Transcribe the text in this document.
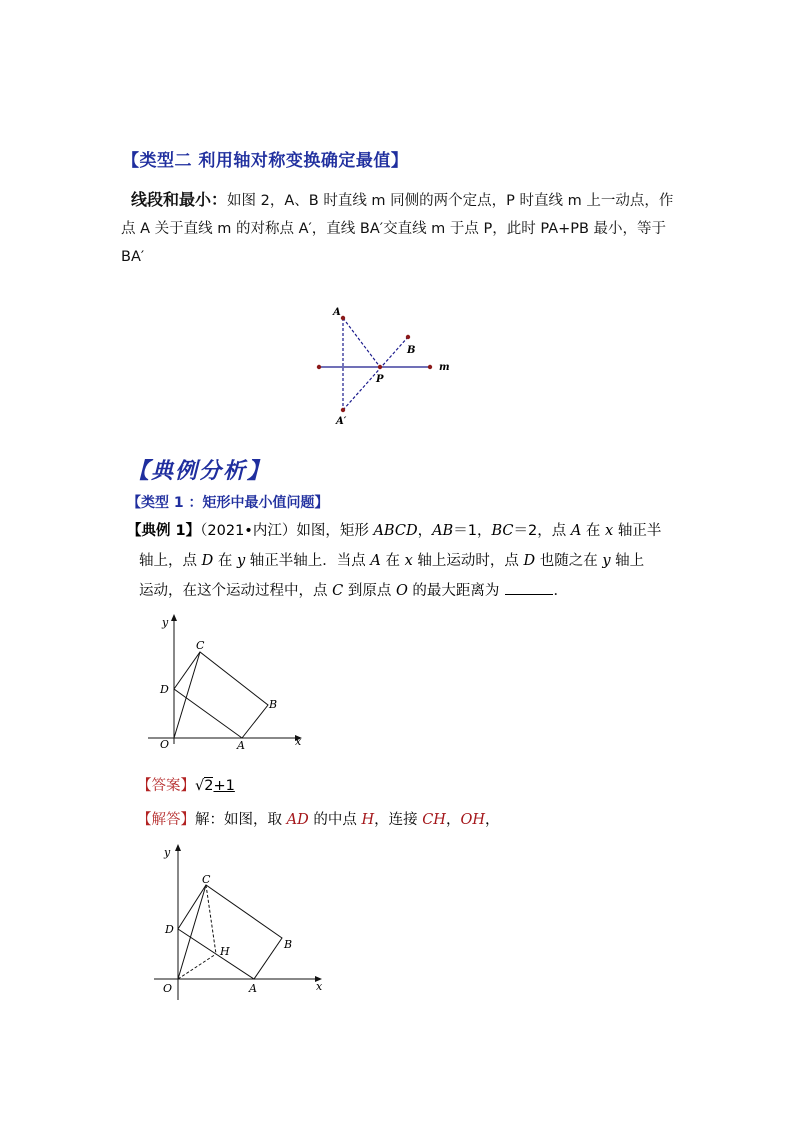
【类型二 利用轴对称变换确定最值】
线段和最小：如图 2，A、B 时直线 m 同侧的两个定点，P 时直线 m 上一动点，作点 A 关于直线 m 的对称点 A′，直线 BA′交直线 m 于点 P，此时 PA+PB 最小，等于 BA′
A
B
P
m
A′
【典例分析】
【类型 1 ：矩形中最小值问题】
【典例 1】（2021•内江）如图，矩形 ABCD，AB＝1，BC＝2，点 A 在 x 轴正半
轴上，点 D 在 y 轴正半轴上．当点 A 在 x 轴上运动时，点 D 也随之在 y 轴上
运动，在这个运动过程中，点 C 到原点 O 的最大距离为	．
y
x
C
D
B
O	A
【答案】√2+1
【解答】解：如图，取 AD 的中点 H，连接 CH，OH，
y
x
C
D
H
B
O	A
